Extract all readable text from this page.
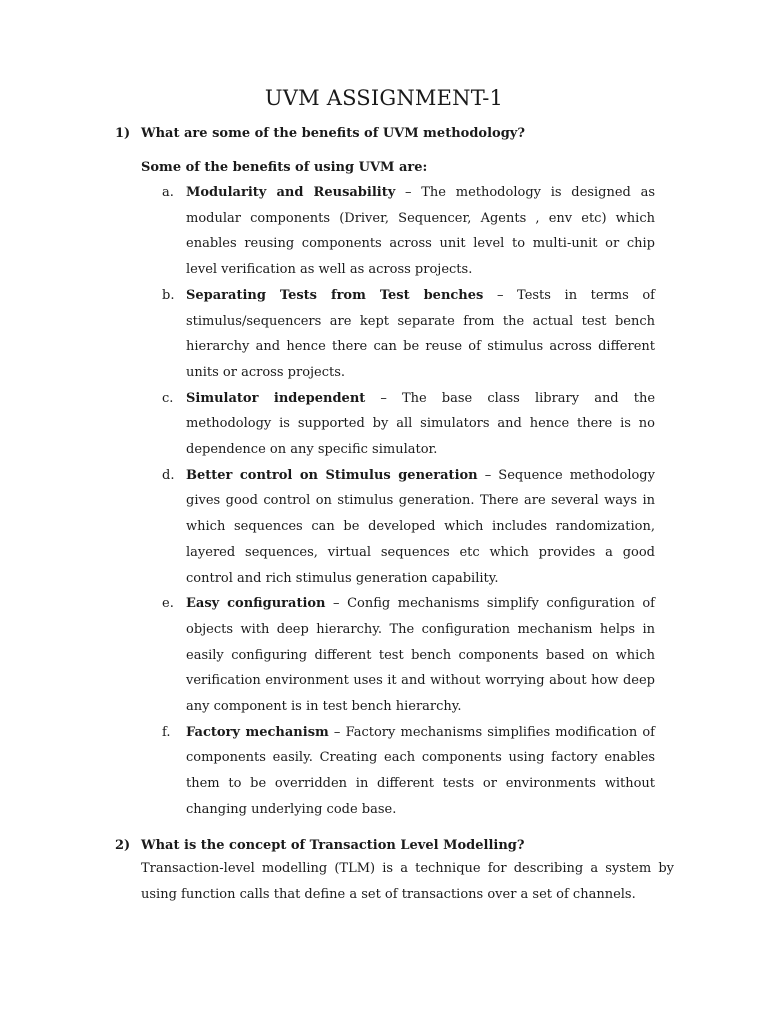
UVM ASSIGNMENT-1
1) What are some of the benefits of UVM methodology?
Some of the benefits of using UVM are:
a. Modularity and Reusability – The methodology is designed as modular components (Driver, Sequencer, Agents , env etc) which enables reusing components across unit level to multi-unit or chip level verification as well as across projects.
b. Separating Tests from Test benches – Tests in terms of stimulus/sequencers are kept separate from the actual test bench hierarchy and hence there can be reuse of stimulus across different units or across projects.
c. Simulator independent – The base class library and the methodology is supported by all simulators and hence there is no dependence on any specific simulator.
d. Better control on Stimulus generation – Sequence methodology gives good control on stimulus generation. There are several ways in which sequences can be developed which includes randomization, layered sequences, virtual sequences etc which provides a good control and rich stimulus generation capability.
e. Easy configuration – Config mechanisms simplify configuration of objects with deep hierarchy. The configuration mechanism helps in easily configuring different test bench components based on which verification environment uses it and without worrying about how deep any component is in test bench hierarchy.
f. Factory mechanism – Factory mechanisms simplifies modification of components easily. Creating each components using factory enables them to be overridden in different tests or environments without changing underlying code base.
2) What is the concept of Transaction Level Modelling?
Transaction-level modelling (TLM) is a technique for describing a system by using function calls that define a set of transactions over a set of channels.
